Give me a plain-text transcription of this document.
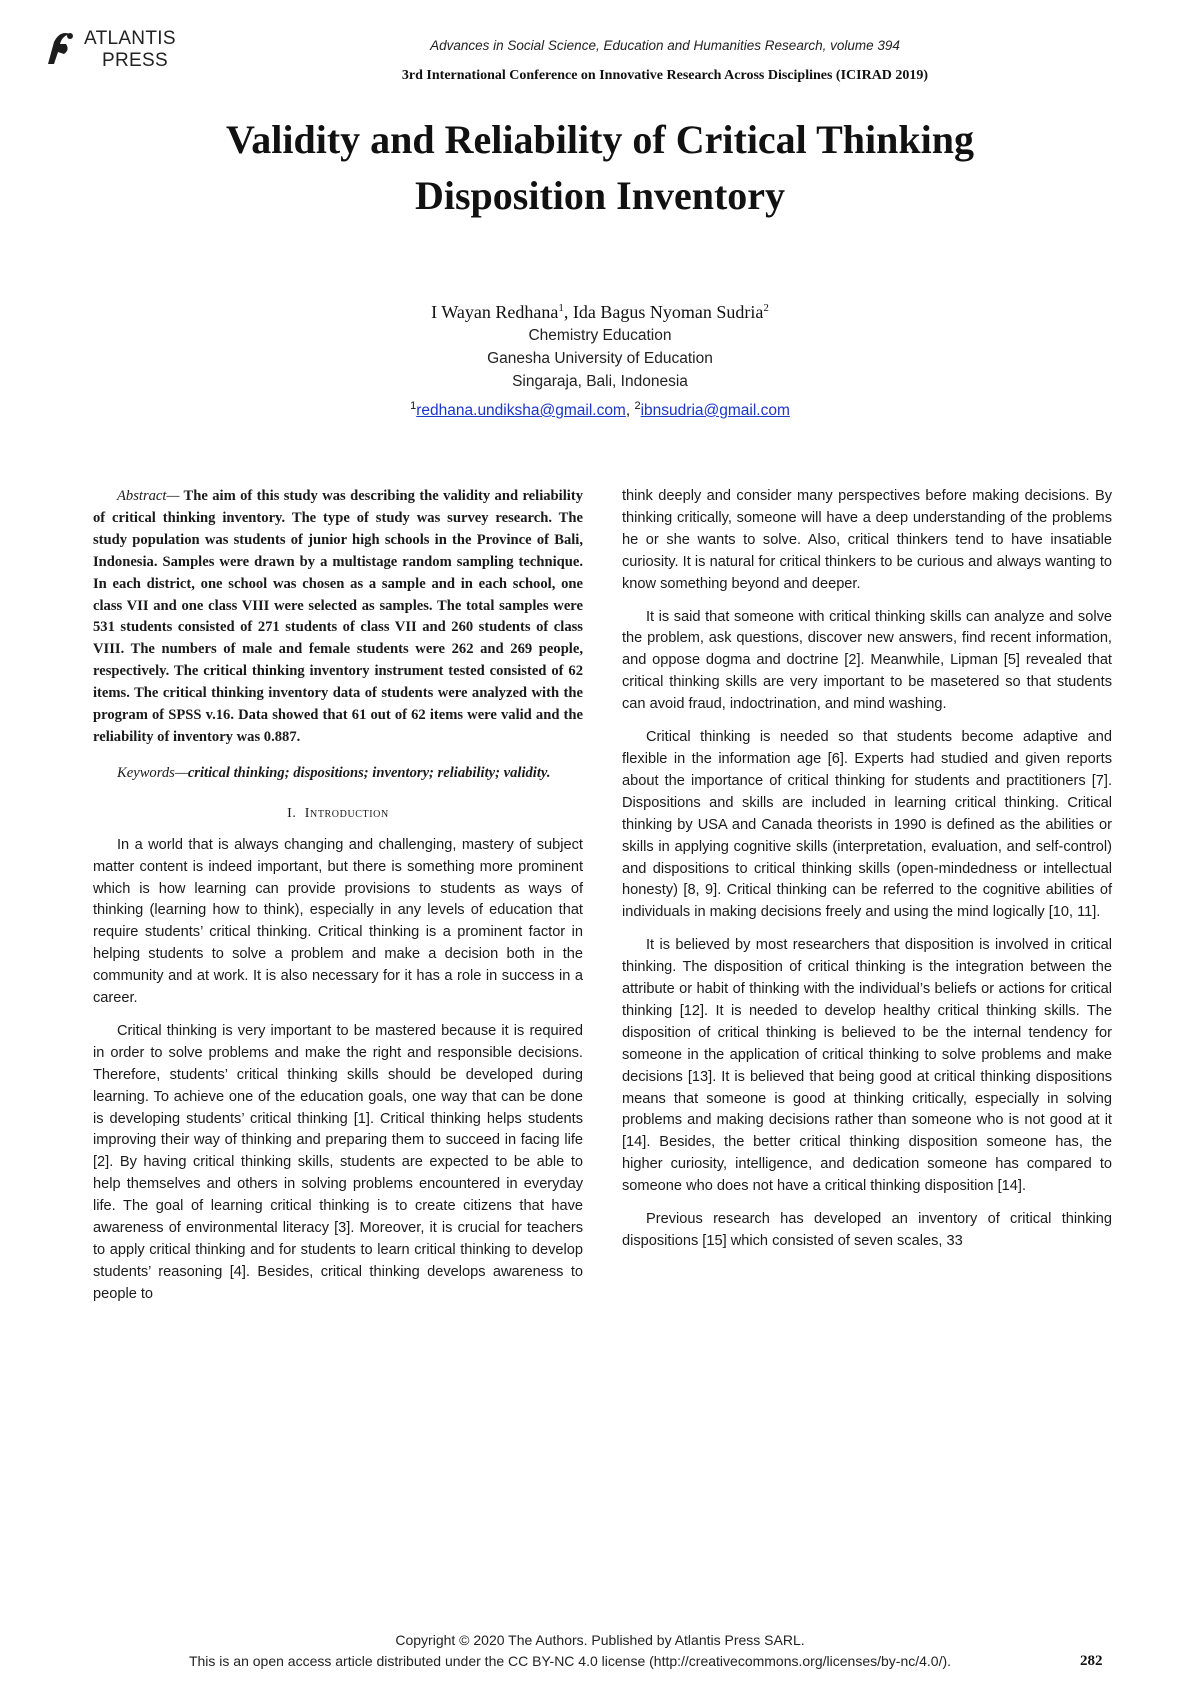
ATLANTIS
PRESS
Advances in Social Science, Education and Humanities Research, volume 394
3rd International Conference on Innovative Research Across Disciplines (ICIRAD 2019)
Validity and Reliability of Critical Thinking
Disposition Inventory
I Wayan Redhana$^1$, Ida Bagus Nyoman Sudria$^2$
Chemistry Education
Ganesha University of Education
Singaraja, Bali, Indonesia
$^1$redhana.undiksha@gmail.com, $^2$ibnsudria@gmail.com

Abstract— The aim of this study was describing the validity and reliability of critical thinking inventory. The type of study was survey research. The study population was students of junior high schools in the Province of Bali, Indonesia. Samples were drawn by a multistage random sampling technique. In each district, one school was chosen as a sample and in each school, one class VII and one class VIII were selected as samples. The total samples were 531 students consisted of 271 students of class VII and 260 students of class VIII. The numbers of male and female students were 262 and 269 people, respectively. The critical thinking inventory instrument tested consisted of 62 items. The critical thinking inventory data of students were analyzed with the program of SPSS v.16. Data showed that 61 out of 62 items were valid and the reliability of inventory was 0.887.

Keywords—critical thinking; dispositions; inventory; reliability; validity.

I. Introduction

In a world that is always changing and challenging, mastery of subject matter content is indeed important, but there is something more prominent which is how learning can provide provisions to students as ways of thinking (learning how to think), especially in any levels of education that require students’ critical thinking. Critical thinking is a prominent factor in helping students to solve a problem and make a decision both in the community and at work. It is also necessary for it has a role in success in a career.

Critical thinking is very important to be mastered because it is required in order to solve problems and make the right and responsible decisions. Therefore, students’ critical thinking skills should be developed during learning. To achieve one of the education goals, one way that can be done is developing students’ critical thinking [1]. Critical thinking helps students improving their way of thinking and preparing them to succeed in facing life [2]. By having critical thinking skills, students are expected to be able to help themselves and others in solving problems encountered in everyday life. The goal of learning critical thinking is to create citizens that have awareness of environmental literacy [3]. Moreover, it is crucial for teachers to apply critical thinking and for students to learn critical thinking to develop students’ reasoning [4]. Besides, critical thinking develops awareness to people to

think deeply and consider many perspectives before making decisions. By thinking critically, someone will have a deep understanding of the problems he or she wants to solve. Also, critical thinkers tend to have insatiable curiosity. It is natural for critical thinkers to be curious and always wanting to know something beyond and deeper.

It is said that someone with critical thinking skills can analyze and solve the problem, ask questions, discover new answers, find recent information, and oppose dogma and doctrine [2]. Meanwhile, Lipman [5] revealed that critical thinking skills are very important to be masetered so that students can avoid fraud, indoctrination, and mind washing.

Critical thinking is needed so that students become adaptive and flexible in the information age [6]. Experts had studied and given reports about the importance of critical thinking for students and practitioners [7]. Dispositions and skills are included in learning critical thinking. Critical thinking by USA and Canada theorists in 1990 is defined as the abilities or skills in applying cognitive skills (interpretation, evaluation, and self-control) and dispositions to critical thinking skills (open-mindedness or intellectual honesty) [8, 9]. Critical thinking can be referred to the cognitive abilities of individuals in making decisions freely and using the mind logically [10, 11].

It is believed by most researchers that disposition is involved in critical thinking. The disposition of critical thinking is the integration between the attribute or habit of thinking with the individual’s beliefs or actions for critical thinking [12]. It is needed to develop healthy critical thinking skills. The disposition of critical thinking is believed to be the internal tendency for someone in the application of critical thinking to solve problems and make decisions [13]. It is believed that being good at critical thinking dispositions means that someone is good at thinking critically, especially in solving problems and making decisions rather than someone who is not good at it [14]. Besides, the better critical thinking disposition someone has, the higher curiosity, intelligence, and dedication someone has compared to someone who does not have a critical thinking disposition [14].

Previous research has developed an inventory of critical thinking dispositions [15] which consisted of seven scales, 33

Copyright © 2020 The Authors. Published by Atlantis Press SARL.
This is an open access article distributed under the CC BY-NC 4.0 license (http://creativecommons.org/licenses/by-nc/4.0/).	282
